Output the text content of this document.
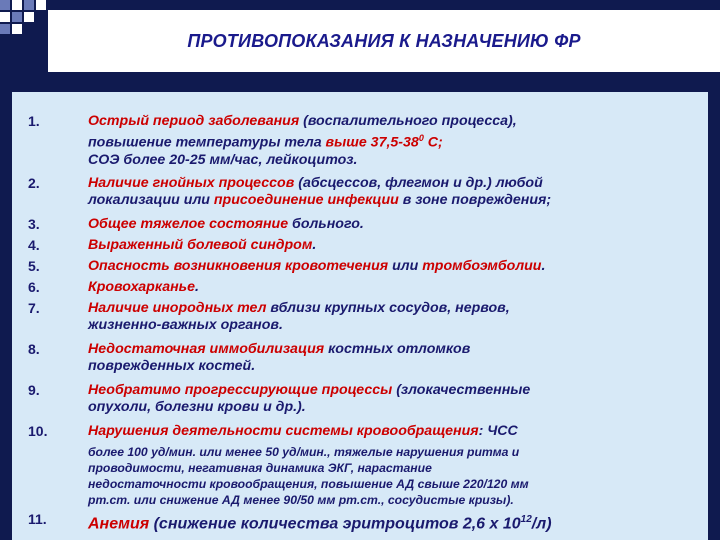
ПРОТИВОПОКАЗАНИЯ К НАЗНАЧЕНИЮ ФР
1.	Острый период заболевания (воспалительного процесса),
повышение температуры тела выше $37,5-38^0$ С;
СОЭ более 20-25 мм/час, лейкоцитоз.
2.	Наличие гнойных процессов (абсцессов, флегмон и др.) любой
локализации или присоединение инфекции в зоне повреждения;
3.	Общее тяжелое состояние больного.
4.	Выраженный болевой синдром.
5.	Опасность возникновения кровотечения или тромбоэмболии.
6.	Кровохарканье.
7.	Наличие инородных тел вблизи крупных сосудов, нервов,
жизненно-важных органов.
8.	Недостаточная иммобилизация костных отломков
поврежденных костей.
9.	Необратимо прогрессирующие процессы (злокачественные
опухоли, болезни крови и др.).
10.	Нарушения деятельности системы кровообращения: ЧСС
более 100 уд/мин. или менее 50 уд/мин., тяжелые нарушения ритма и
проводимости, негативная динамика ЭКГ, нарастание
недостаточности кровообращения, повышение АД свыше 220/120 мм
рт.ст. или снижение АД менее 90/50 мм рт.ст., сосудистые кризы).
11.	Анемия (снижение количества эритроцитов 2,6 х $10^{12}/л$)
